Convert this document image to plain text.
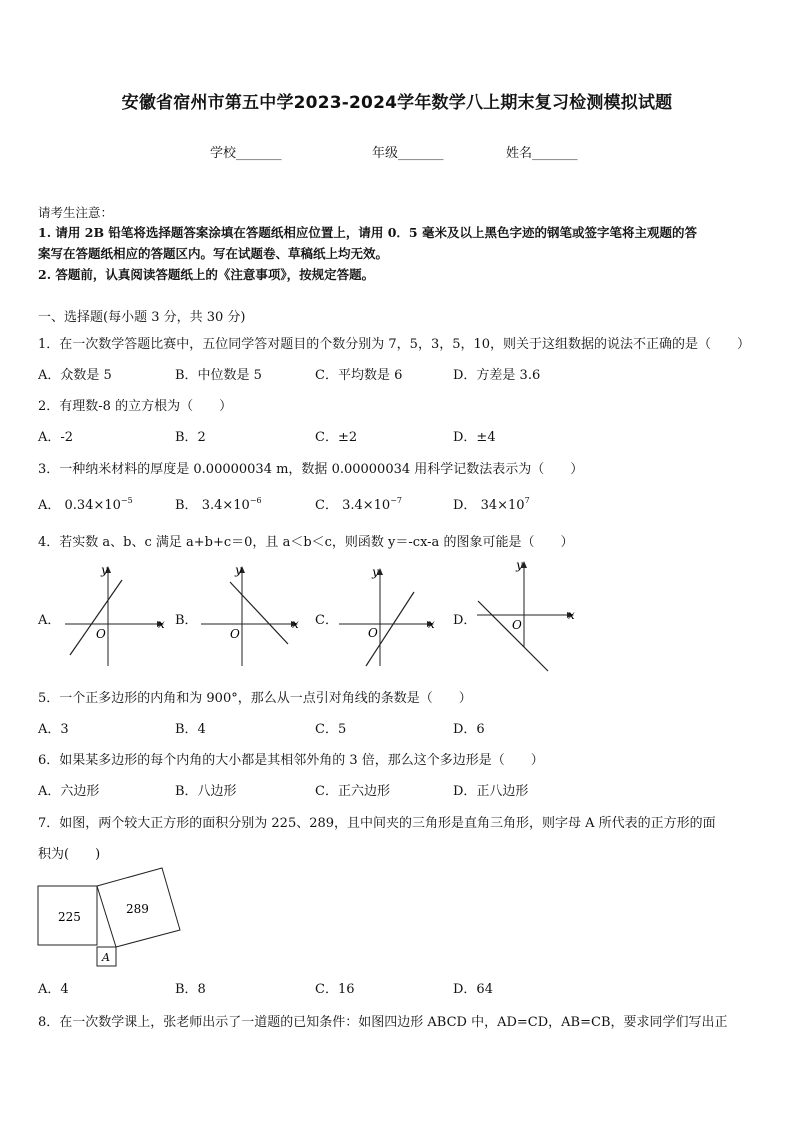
安徽省宿州市第五中学2023-2024学年数学八上期末复习检测模拟试题
学校_______	年级_______	姓名_______
请考生注意：
1. 请用 2B 铅笔将选择题答案涂填在答题纸相应位置上，请用 0．5 毫米及以上黑色字迹的钢笔或签字笔将主观题的答
案写在答题纸相应的答题区内。写在试题卷、草稿纸上均无效。
2. 答题前，认真阅读答题纸上的《注意事项》，按规定答题。
一、选择题(每小题 3 分，共 30 分)
1．在一次数学答题比赛中，五位同学答对题目的个数分别为 7，5，3，5，10，则关于这组数据的说法不正确的是（　　）
A．众数是 5	B．中位数是 5	C．平均数是 6	D．方差是 3.6
2．有理数-8 的立方根为（　　）
A．-2	B．2	C．±2	D．±4
3．一种纳米材料的厚度是 0.00000034 m，数据 0.00000034 用科学记数法表示为（　　）
A． $0.34\times 10^{-5}$	B． $3.4\times 10^{-6}$	C． $3.4\times 10^{-7}$	D． $34\times 10^7$
4．若实数 a、b、c 满足 a+b+c＝0，且 a＜b＜c，则函数 y＝-cx-a 的图象可能是（　　）
A．	B．	C．	D．
x
y
O
x
y
O
x
y
O
x
y
O
5．一个正多边形的内角和为 900°，那么从一点引对角线的条数是（　　）
A．3	B．4	C．5	D．6
6．如果某多边形的每个内角的大小都是其相邻外角的 3 倍，那么这个多边形是（　　）
A．六边形	B．八边形	C．正六边形	D．正八边形
7．如图，两个较大正方形的面积分别为 225、289，且中间夹的三角形是直角三角形，则字母 A 所代表的正方形的面
积为(　　)
225
289
A
A．4	B．8	C．16	D．64
8．在一次数学课上，张老师出示了一道题的已知条件：如图四边形 ABCD 中，AD=CD，AB=CB，要求同学们写出正
